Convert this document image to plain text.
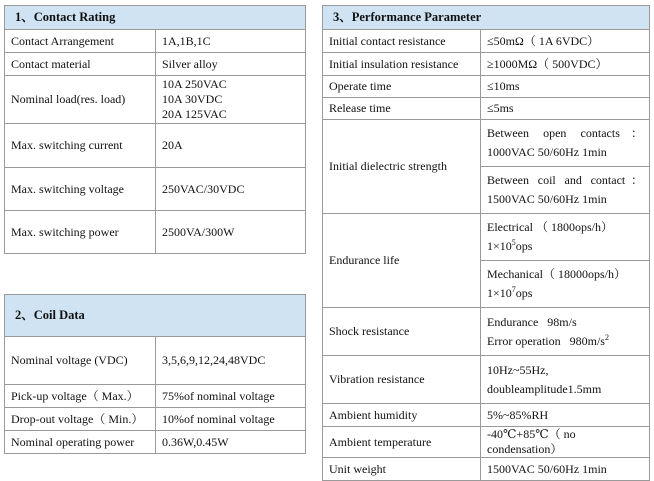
1、Contact Rating	
Contact Arrangement	1A,1B,1C
Contact material	Silver alloy
Nominal load(res. load)	10A 250VAC
10A 30VDC
20A 125VAC

Max. switching current	20A
Max. switching voltage	250VAC/30VDC
Max. switching power	2500VA/300W
2、Coil Data	
Nominal voltage (VDC)	3,5,6,9,12,24,48VDC
Pick-up voltage（ Max.）	75%of nominal voltage
Drop-out voltage（ Min.）	10%of nominal voltage
Nominal operating power	0.36W,0.45W
3、Performance Parameter	
Initial contact resistance	≤50mΩ（ 1A 6VDC）
Initial insulation resistance	≥1000MΩ（ 500VDC）
Operate time	≤10ms
Release time	≤5ms
Initial dielectric strength	Between open contacts：
1000VAC 50/60Hz 1min
Between coil and contact：
1500VAC 50/60Hz 1min

Endurance life	Electrical （ 1800ops/h）
$1\times 10^5ops$
Mechanical（ 18000ops/h）
$1\times 10^7ops$

Shock resistance	Endurance   98m/s
Error operation   $980m/s^2$

Vibration resistance	10Hz~55Hz,
doubleamplitude1.5mm

Ambient humidity	5%~85%RH
Ambient temperature	-40℃+85℃（ no condensation）
Unit weight	1500VAC 50/60Hz 1min
